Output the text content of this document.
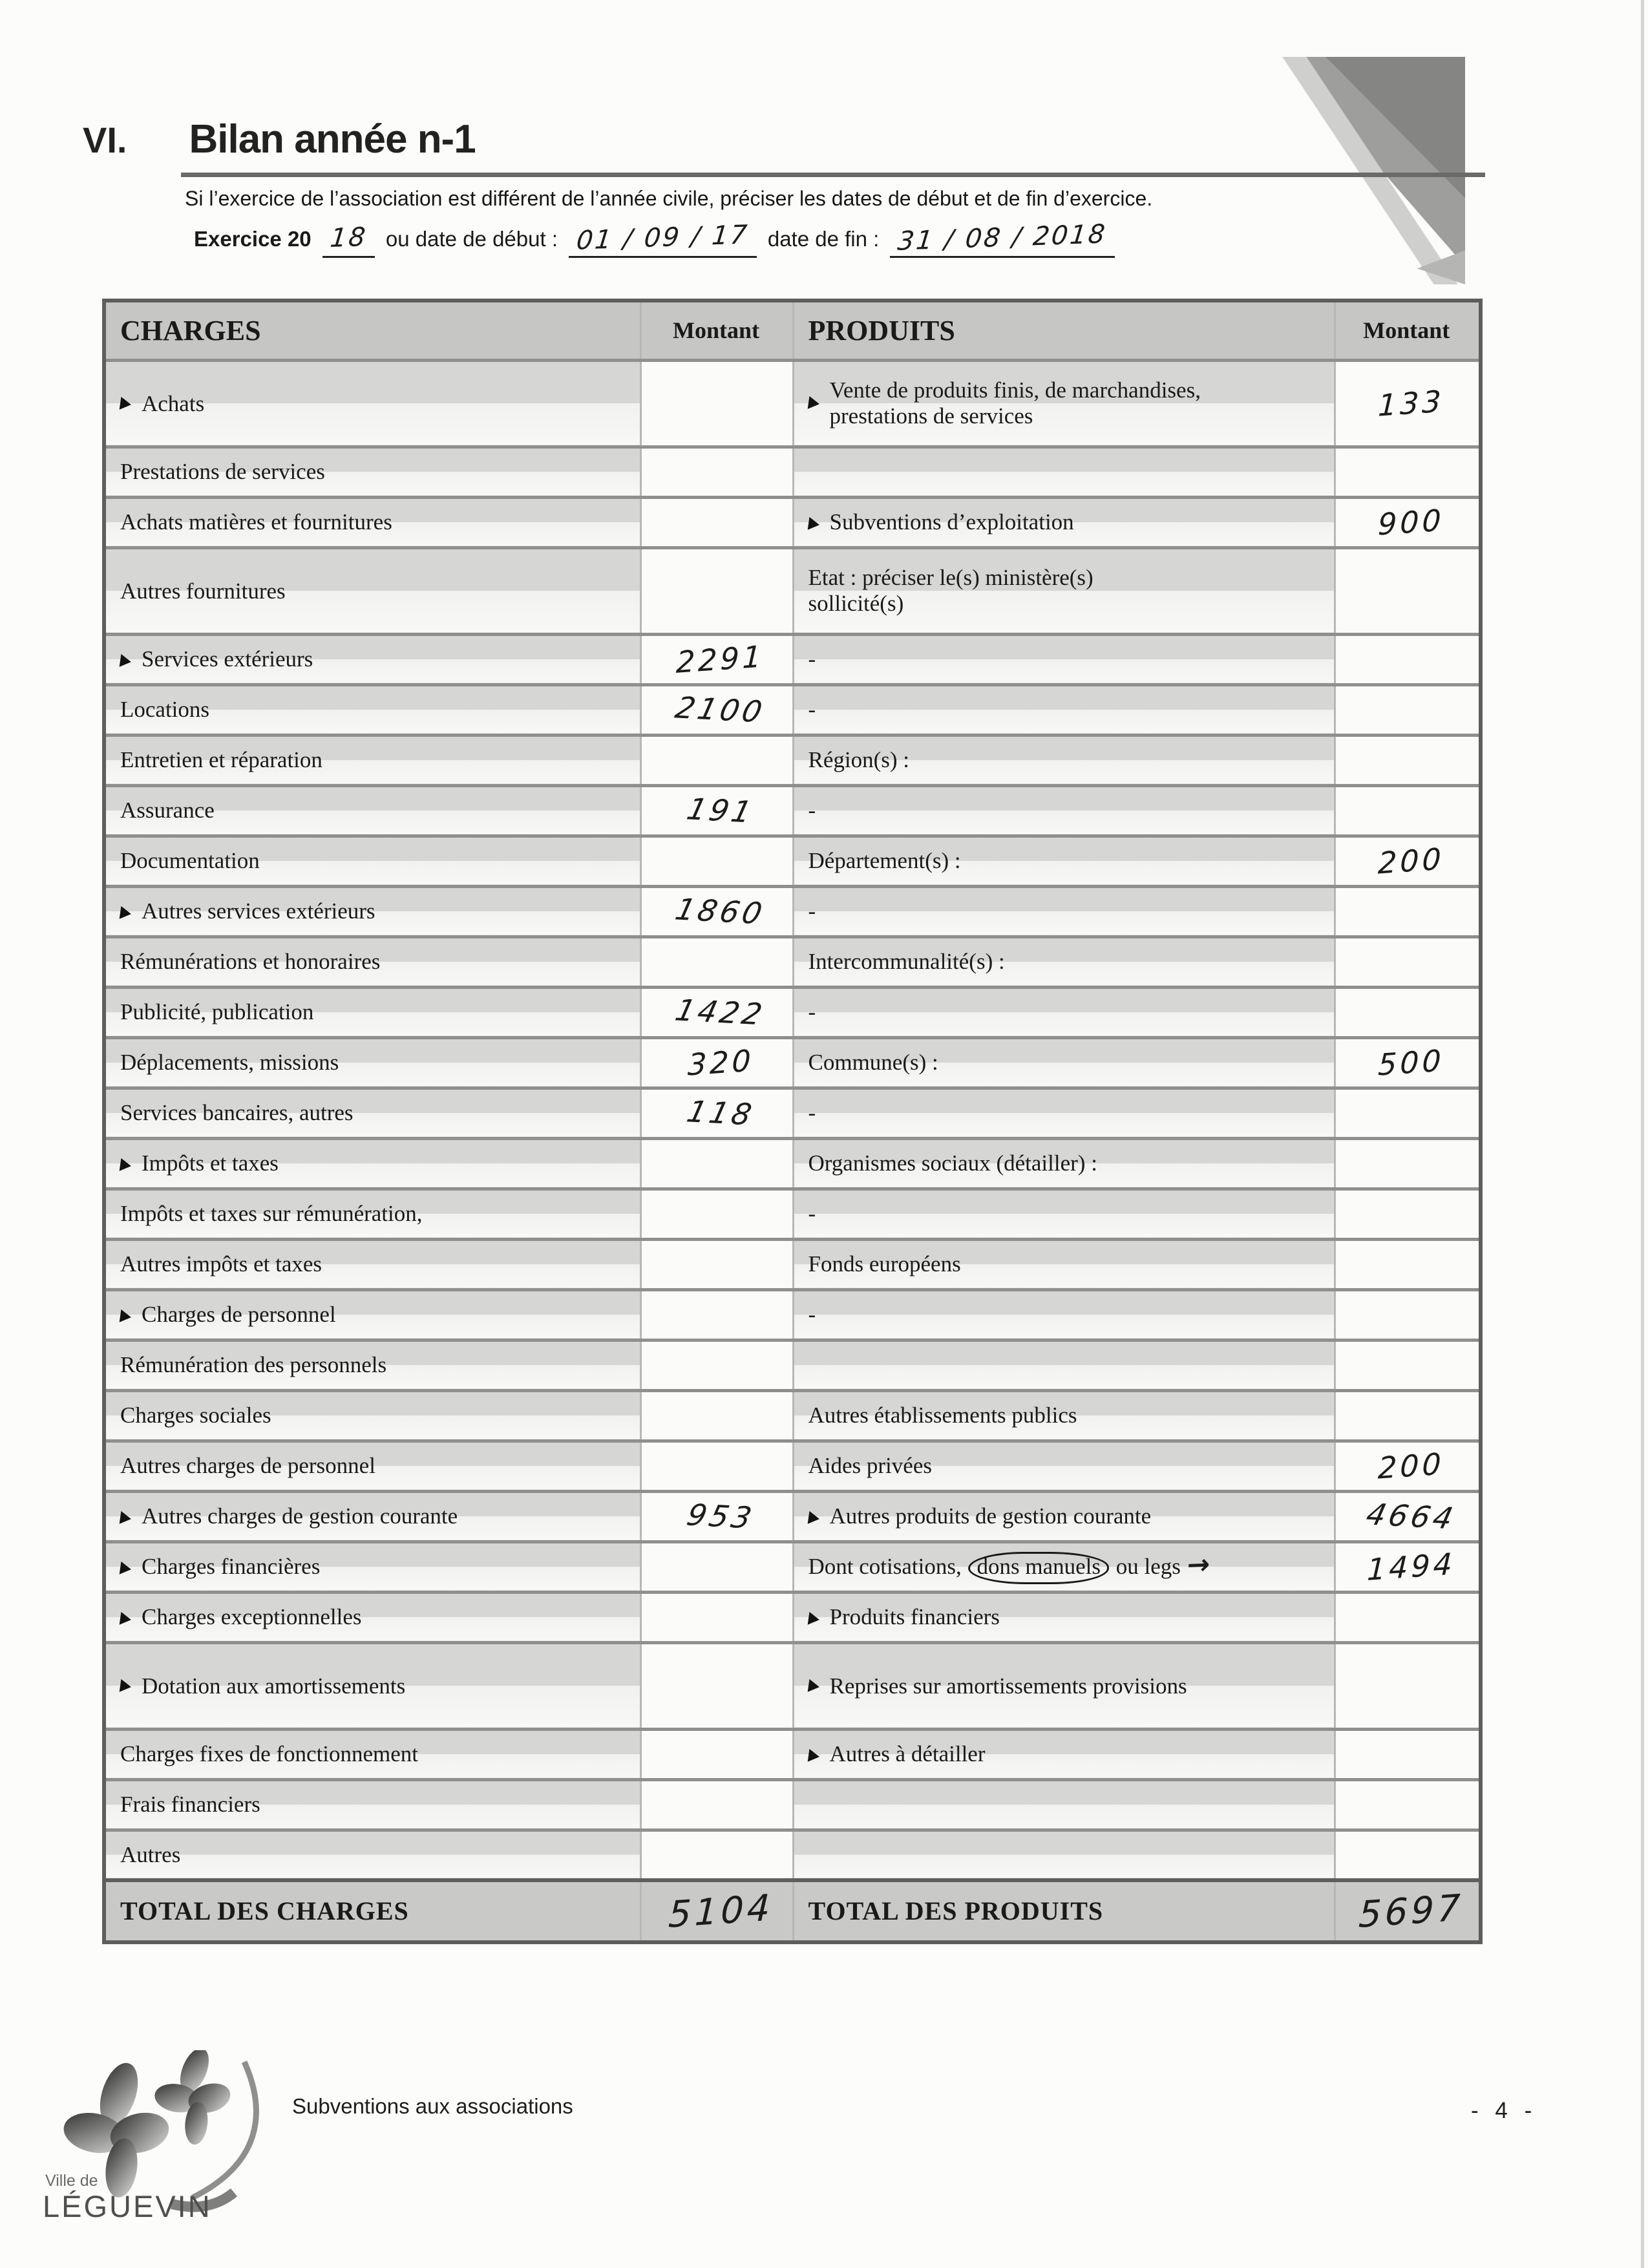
VI. Bilan année n-1

Si l’exercice de l’association est différent de l’année civile, préciser les dates de début et de fin d’exercice.

Exercice 20 18 ou date de début : 01 / 09 / 17 date de fin : 31 / 08 / 2018

CHARGES	Montant	PRODUITS	Montant
Achats		Vente de produits finis, de marchandises, prestations de services	133
Prestations de services			
Achats matières et fournitures		Subventions d’exploitation	900
Autres fournitures		Etat : préciser le(s) ministère(s) sollicité(s)	
Services extérieurs	2291	-	
Locations	2100	-	
Entretien et réparation		Région(s) :	
Assurance	191	-	
Documentation		Département(s) :	200
Autres services extérieurs	1860	-	
Rémunérations et honoraires		Intercommunalité(s) :	
Publicité, publication	1422	-	
Déplacements, missions	320	Commune(s) :	500
Services bancaires, autres	118	-	
Impôts et taxes		Organismes sociaux (détailler) :	
Impôts et taxes sur rémunération,		-	
Autres impôts et taxes		Fonds européens	
Charges de personnel		-	
Rémunération des personnels			
Charges sociales		Autres établissements publics	
Autres charges de personnel		Aides privées	200
Autres charges de gestion courante	953	Autres produits de gestion courante	4664
Charges financières		Dont cotisations, dons manuels ou legs →	1494
Charges exceptionnelles		Produits financiers	
Dotation aux amortissements		Reprises sur amortissements provisions	
Charges fixes de fonctionnement		Autres à détailler	
Frais financiers			
Autres			
TOTAL DES CHARGES	5104	TOTAL DES PRODUITS	5697
Ville de
LÉGUEVIN
Subventions aux associations	- 4 -
